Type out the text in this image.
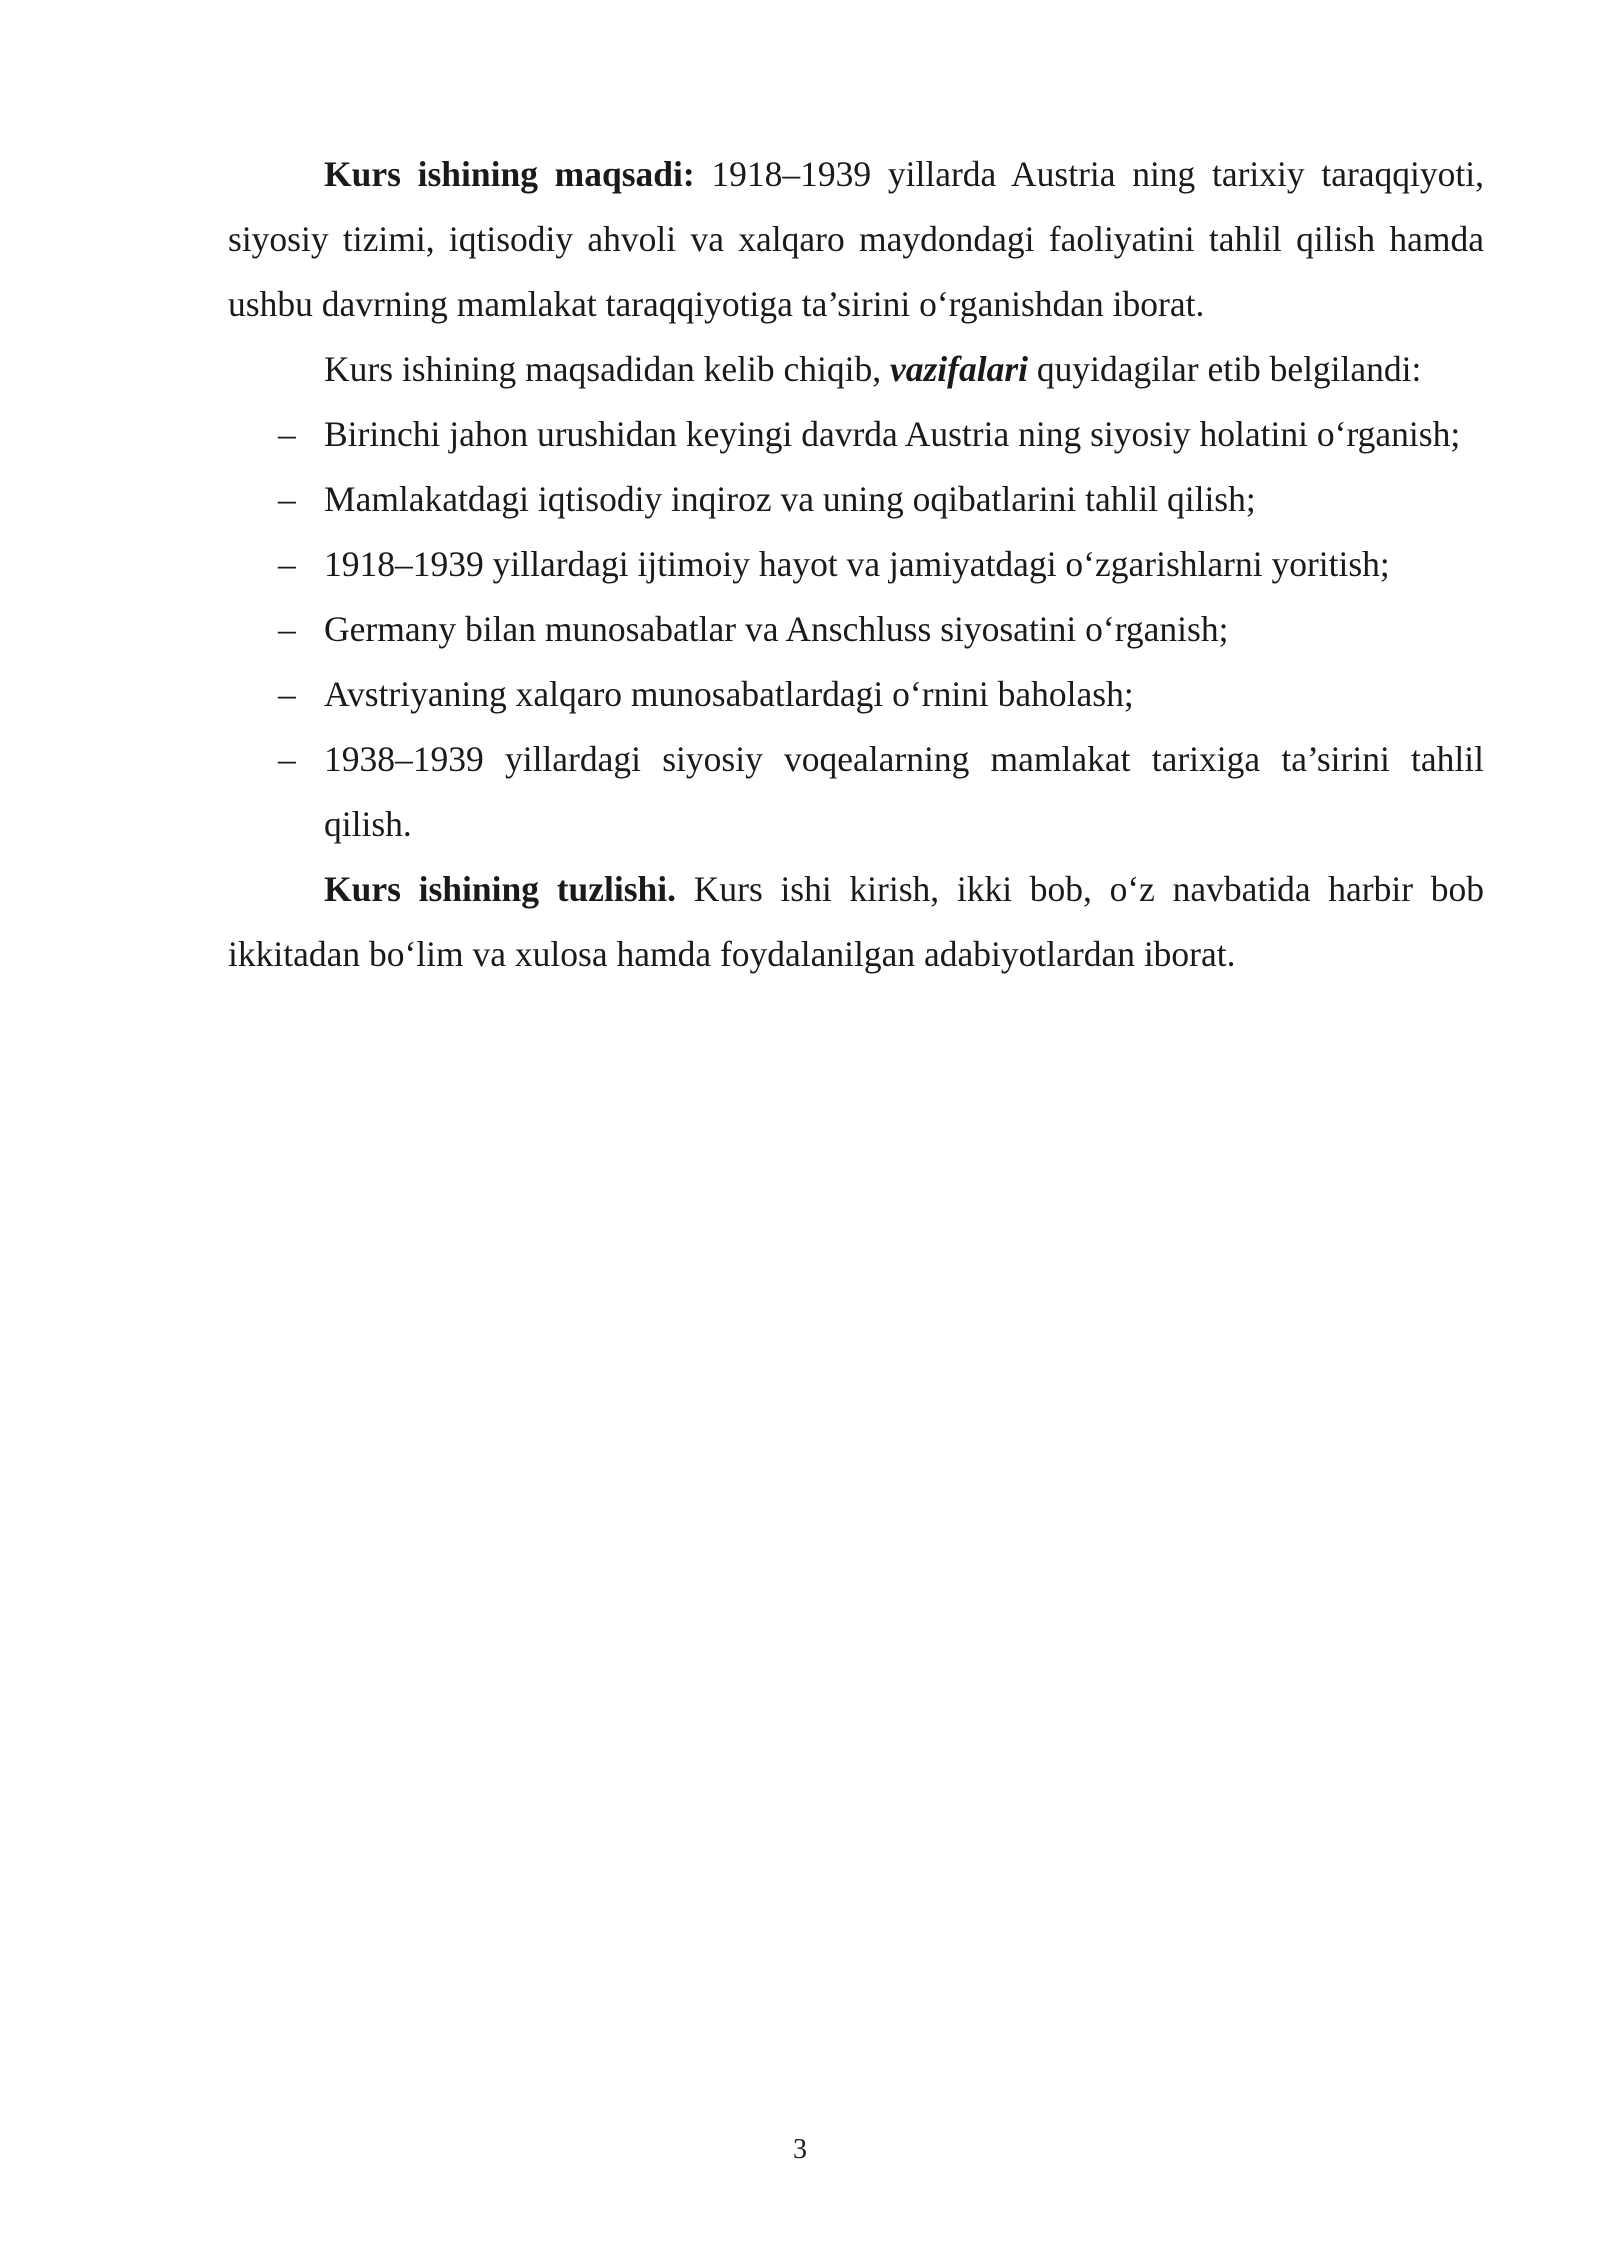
Kurs ishining maqsadi: 1918–1939 yillarda Austria ning tarixiy taraqqiyoti, siyosiy tizimi, iqtisodiy ahvoli va xalqaro maydondagi faoliyatini tahlil qilish hamda ushbu davrning mamlakat taraqqiyotiga ta’sirini o‘rganishdan iborat.

Kurs ishining maqsadidan kelib chiqib, vazifalari quyidagilar etib belgilandi:

– Birinchi jahon urushidan keyingi davrda Austria ning siyosiy holatini o‘rganish;
– Mamlakatdagi iqtisodiy inqiroz va uning oqibatlarini tahlil qilish;
– 1918–1939 yillardagi ijtimoiy hayot va jamiyatdagi o‘zgarishlarni yoritish;
– Germany bilan munosabatlar va Anschluss siyosatini o‘rganish;
– Avstriyaning xalqaro munosabatlardagi o‘rnini baholash;
– 1938–1939 yillardagi siyosiy voqealarning mamlakat tarixiga ta’sirini tahlil qilish.

Kurs ishining tuzlishi. Kurs ishi kirish, ikki bob, o‘z navbatida harbir bob ikkitadan bo‘lim va xulosa hamda foydalanilgan adabiyotlardan iborat.

3
